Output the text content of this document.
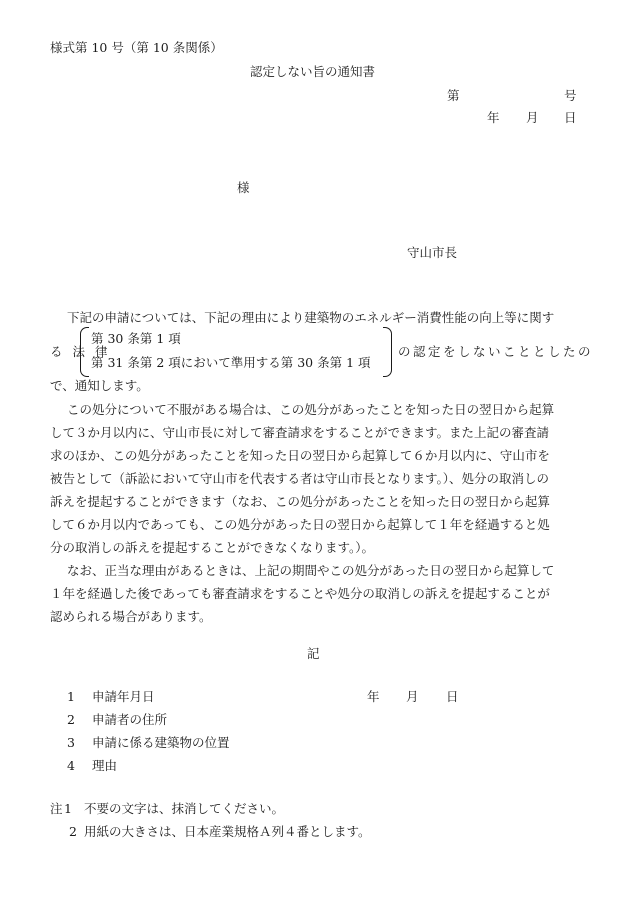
様式第 10 号（第 10 条関係）
認定しない旨の通知書
第	号
年 月 日
様
守山市長
下記の申請については、下記の理由により建築物のエネルギー消費性能の向上等に関す
る 法 律
第 30 条第 1 項
第 31 条第 2 項において準用する第 30 条第 1 項
の認定をしないこととしたの
で、通知します。
この処分について不服がある場合は、この処分があったことを知った日の翌日から起算
して３か月以内に、守山市長に対して審査請求をすることができます。また上記の審査請
求のほか、この処分があったことを知った日の翌日から起算して６か月以内に、守山市を
被告として（訴訟において守山市を代表する者は守山市長となります。）、処分の取消しの
訴えを提起することができます（なお、この処分があったことを知った日の翌日から起算
して６か月以内であっても、この処分があった日の翌日から起算して１年を経過すると処
分の取消しの訴えを提起することができなくなります。）。
なお、正当な理由があるときは、上記の期間やこの処分があった日の翌日から起算して
１年を経過した後であっても審査請求をすることや処分の取消しの訴えを提起することが
認められる場合があります。
記
1 申請年月日	年 月 日
2 申請者の住所
3 申請に係る建築物の位置
4 理由
注 1 不要の文字は、抹消してください。
2 用紙の大きさは、日本産業規格Ａ列４番とします。
